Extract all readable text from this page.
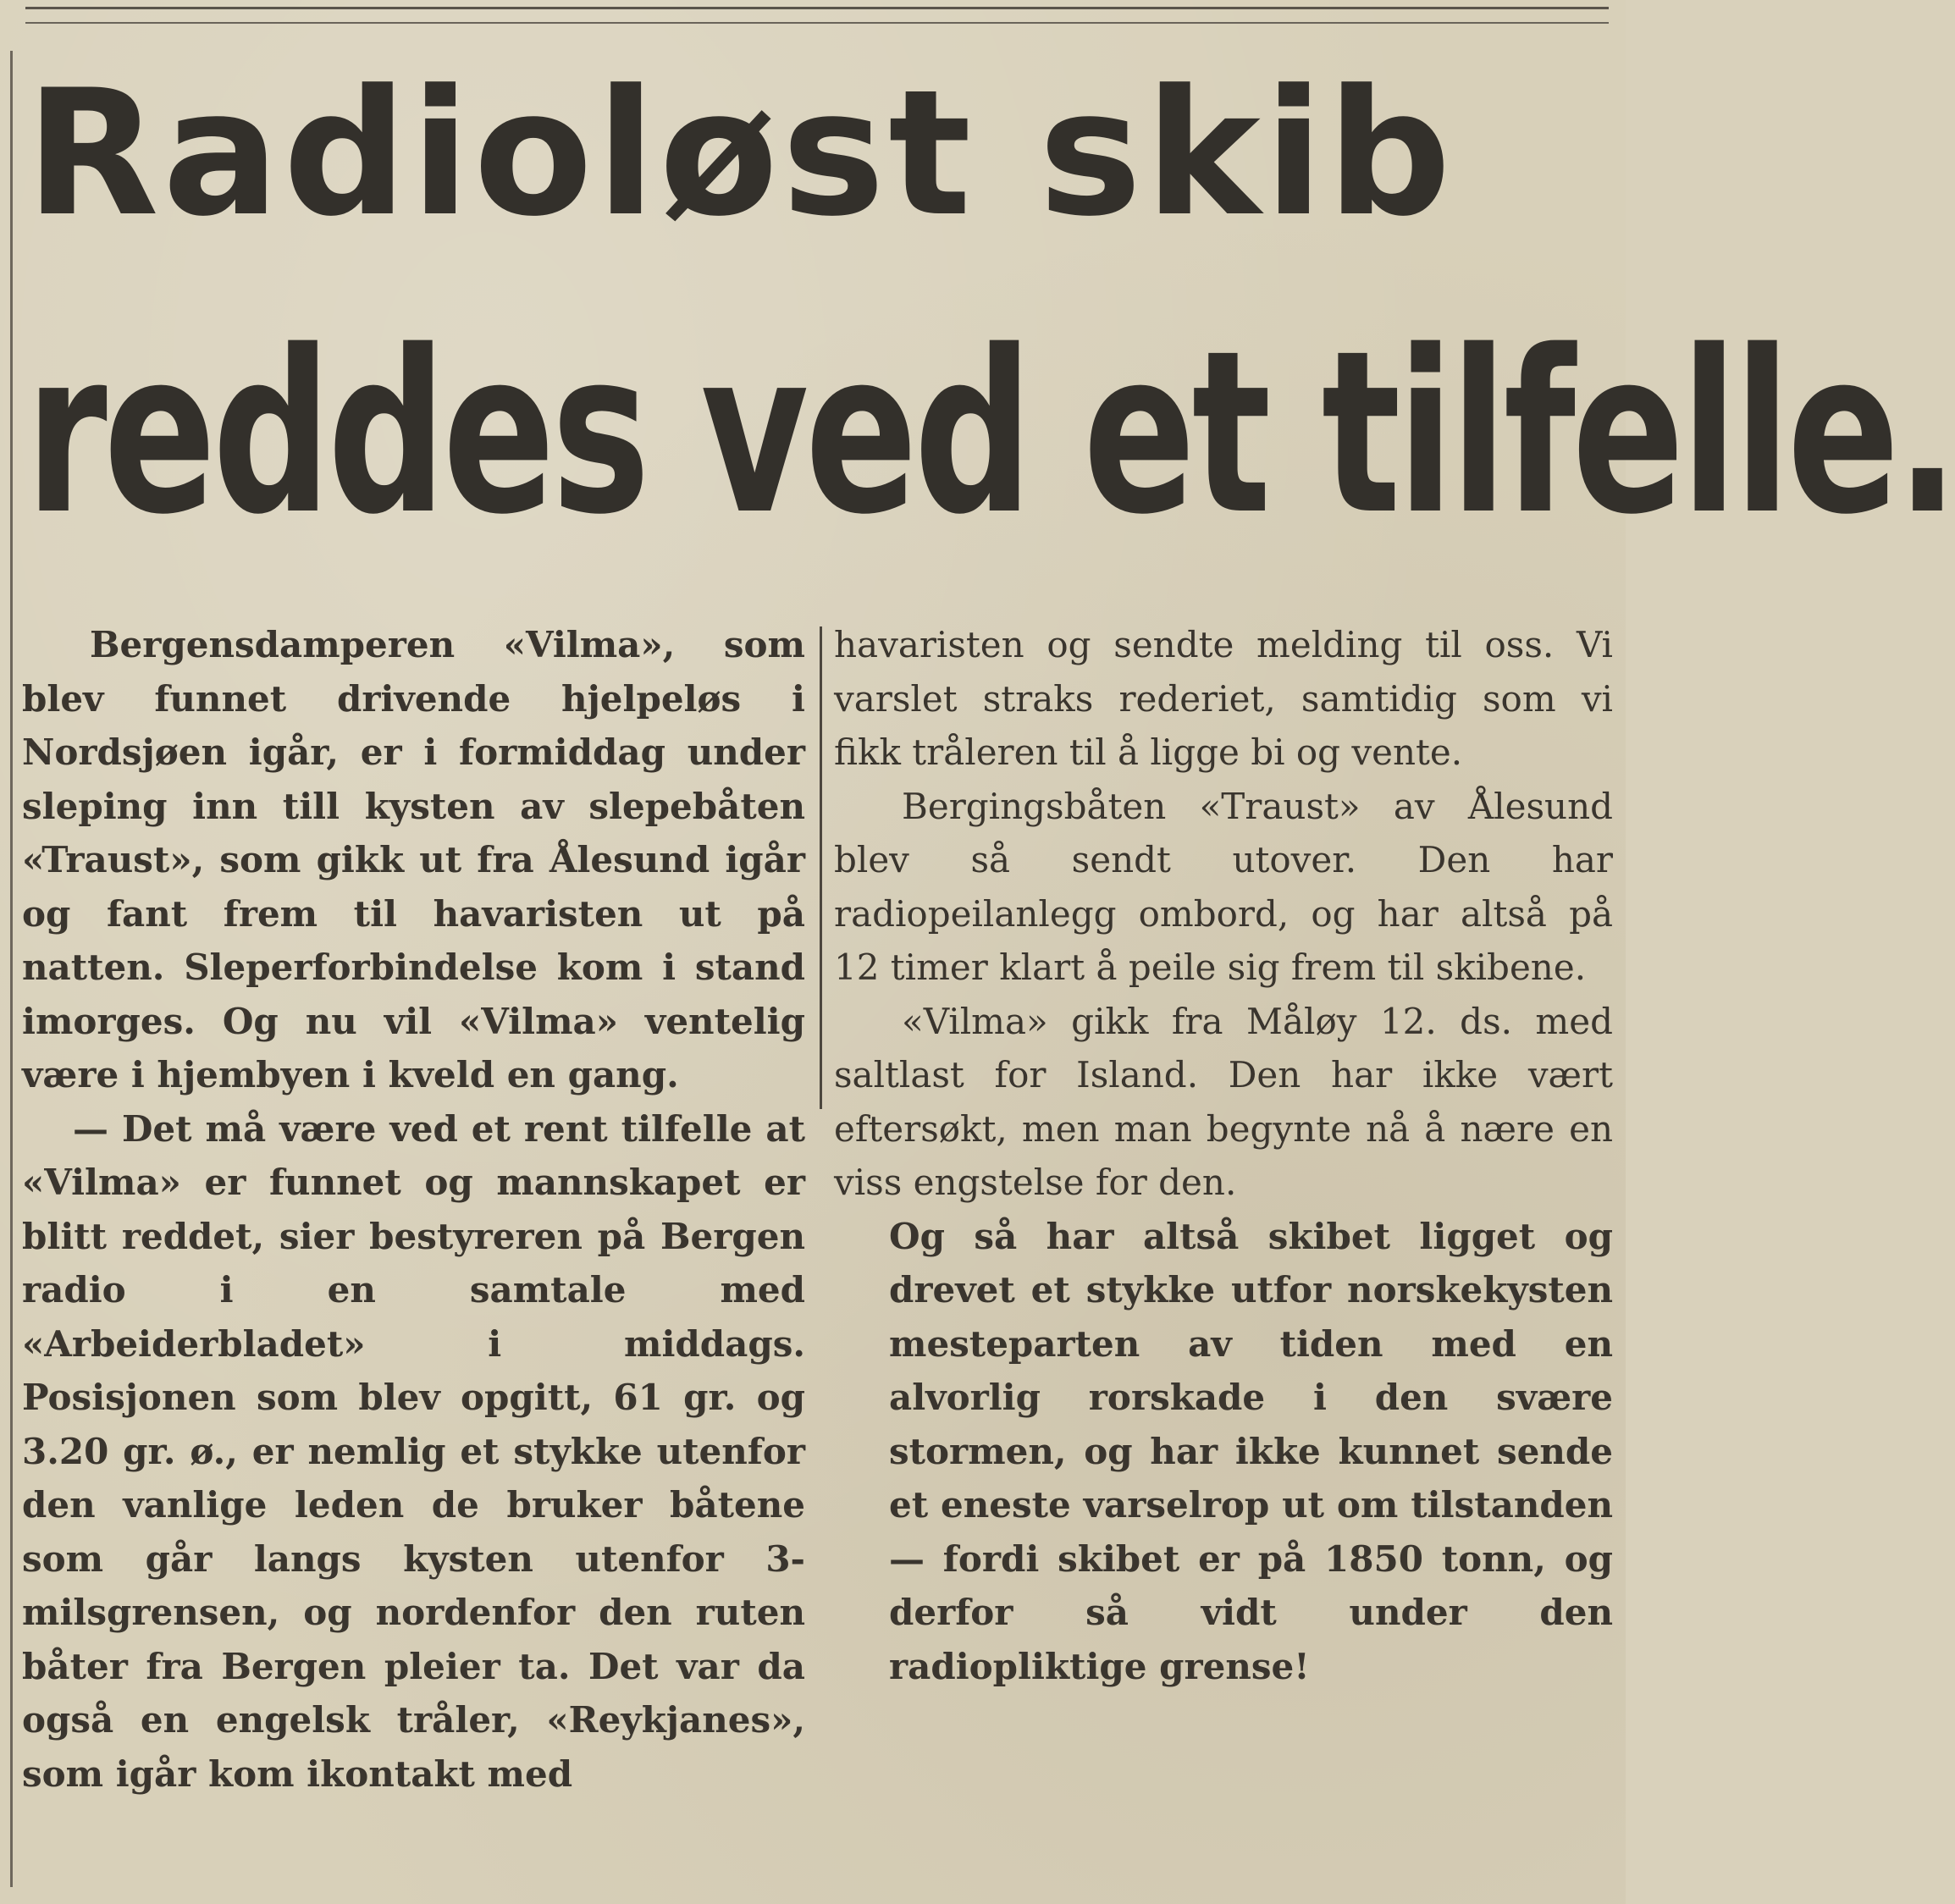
Radioløst skib
reddes ved et tilfelle.

Bergensdamperen «Vilma», som blev funnet drivende hjelpeløs i Nordsjøen igår, er i formiddag under sleping inn till kysten av slepebåten «Traust», som gikk ut fra Ålesund igår og fant frem til havaristen ut på natten. Sleperforbindelse kom i stand imorges. Og nu vil «Vilma» ventelig være i hjembyen i kveld en gang.

— Det må være ved et rent tilfelle at «Vilma» er funnet og mannskapet er blitt reddet, sier bestyreren på Bergen radio i en samtale med «Arbeiderbladet» i middags. Posisjonen som blev opgitt, 61 gr. og 3.20 gr. ø., er nemlig et stykke utenfor den vanlige leden de bruker båtene som går langs kysten utenfor 3-milsgrensen, og nordenfor den ruten båter fra Bergen pleier ta. Det var da også en engelsk tråler, «Reykjanes», som igår kom ikontakt med

havaristen og sendte melding til oss. Vi varslet straks rederiet, samtidig som vi fikk tråleren til å ligge bi og vente.

Bergingsbåten «Traust» av Ålesund blev så sendt utover. Den har radiopeilanlegg ombord, og har altså på 12 timer klart å peile sig frem til skibene.

«Vilma» gikk fra Måløy 12. ds. med saltlast for Island. Den har ikke vært eftersøkt, men man begynte nå å nære en viss engstelse for den.

Og så har altså skibet ligget og drevet et stykke utfor norskekysten mesteparten av tiden med en alvorlig rorskade i den svære stormen, og har ikke kunnet sende et eneste varselrop ut om tilstanden — fordi skibet er på 1850 tonn, og derfor så vidt under den radiopliktige grense!
